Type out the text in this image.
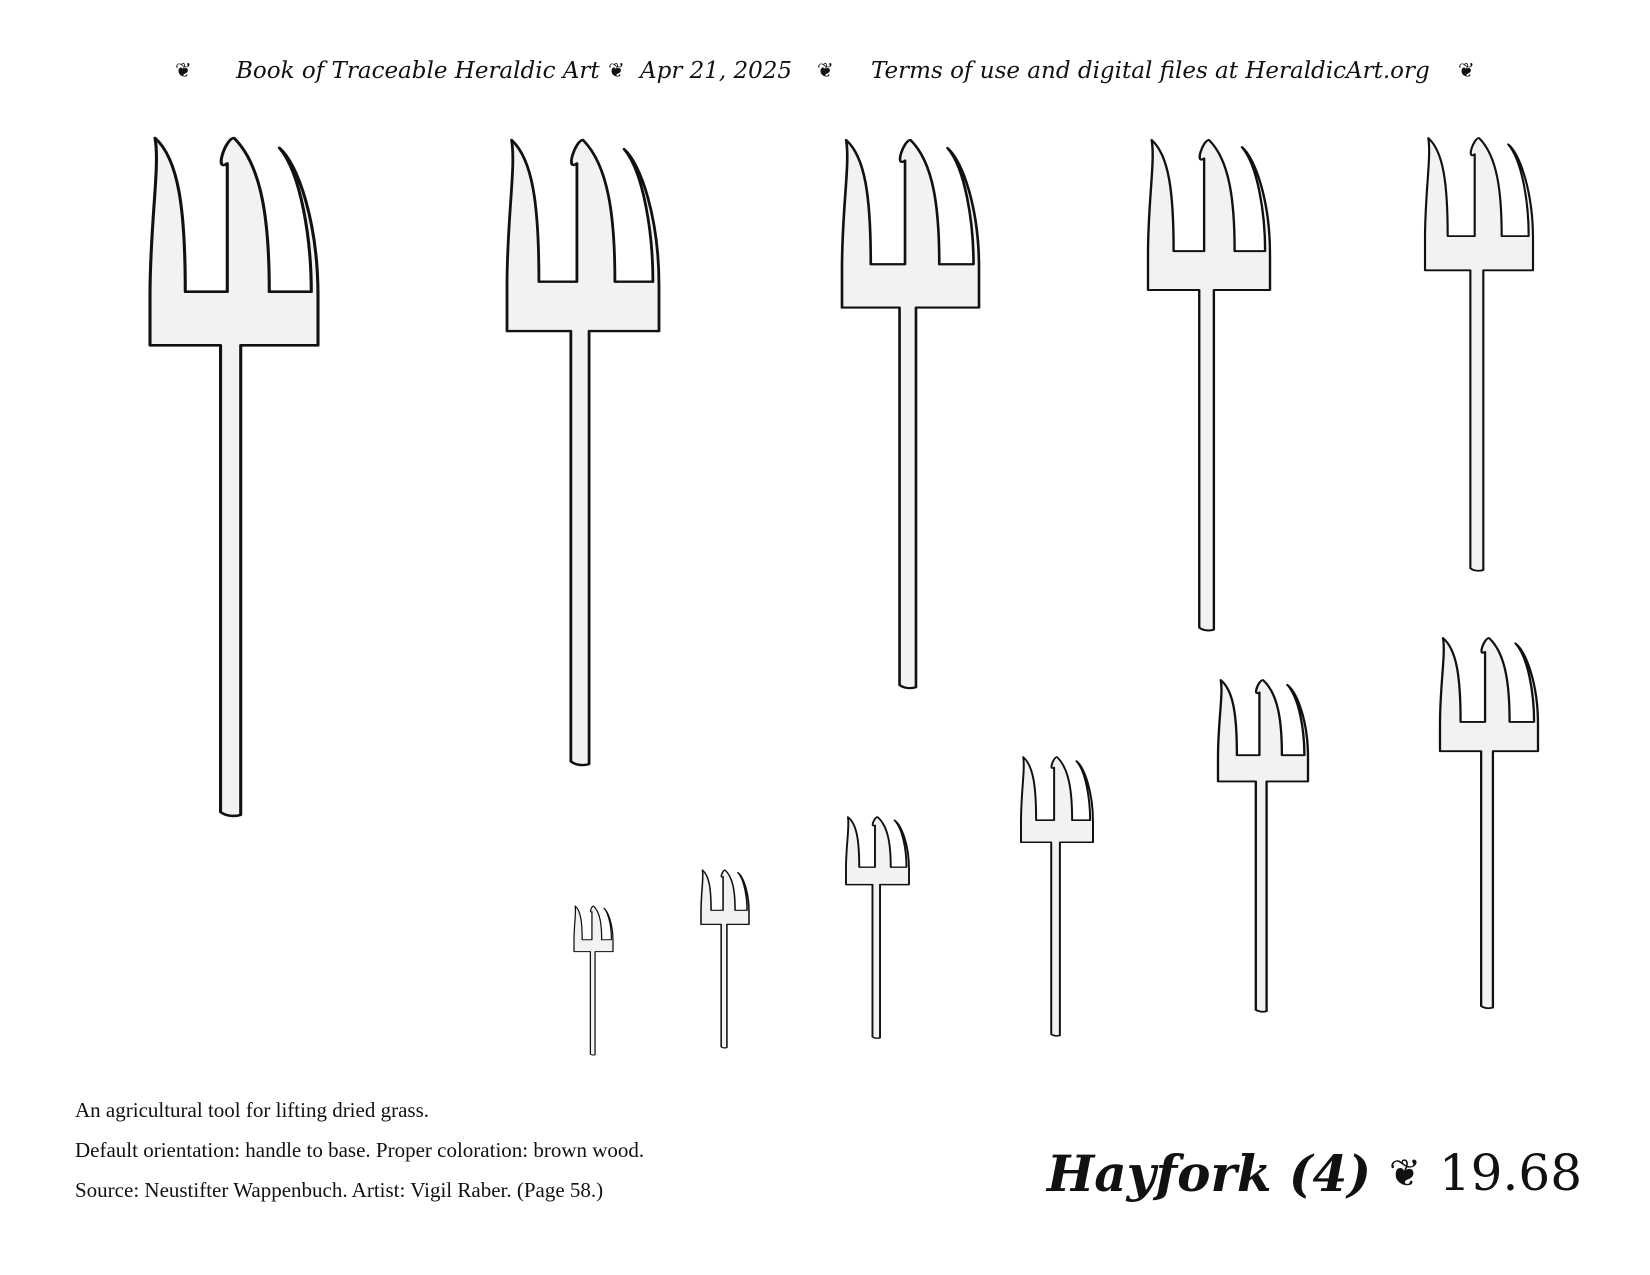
❦ Book of Traceable Heraldic Art ❦ Apr 21, 2025 ❦ Terms of use and digital files at HeraldicArt.org ❦
An agricultural tool for lifting dried grass.
Default orientation: handle to base. Proper coloration: brown wood.
Source: Neustifter Wappenbuch. Artist: Vigil Raber. (Page 58.)	Hayfork (4) ❦ 19.68
